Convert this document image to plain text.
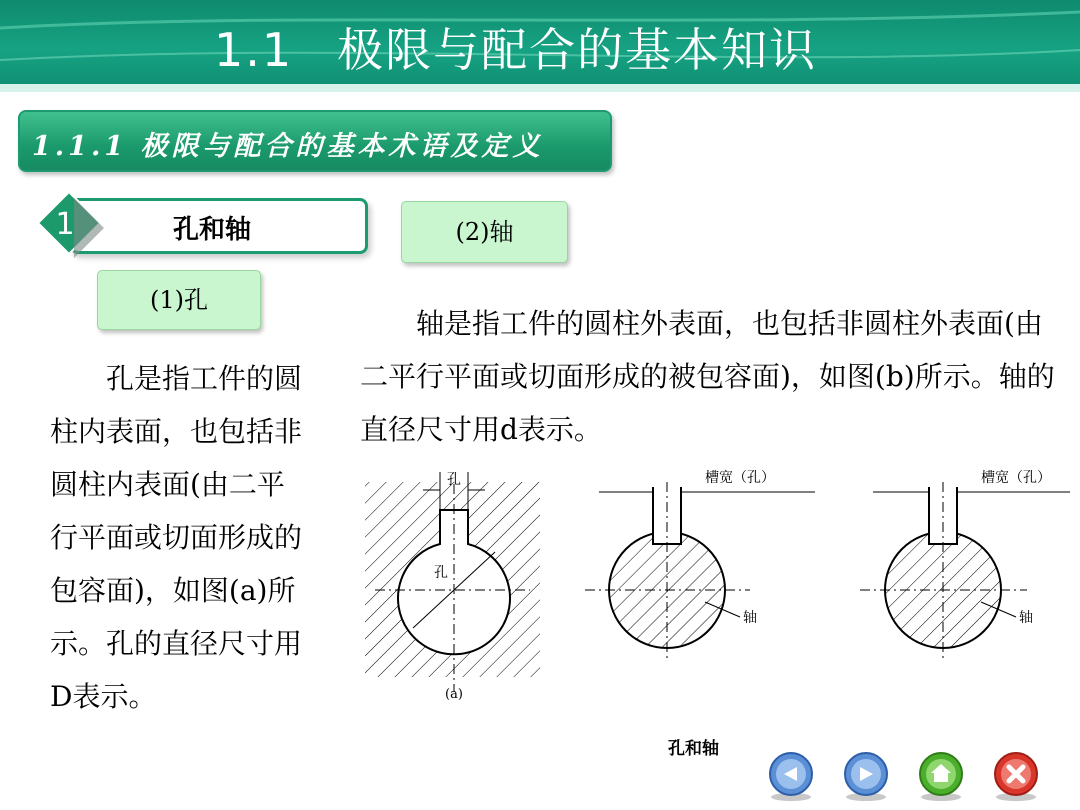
1.1 极限与配合的基本知识
1.1.1 极限与配合的基本术语及定义
孔和轴
1
(1)孔
(2)轴
孔是指工件的圆柱内表面，也包括非圆柱内表面(由二平行平面或切面形成的包容面)，如图(a)所示。孔的直径尺寸用D表示。
轴是指工件的圆柱外表面，也包括非圆柱外表面(由二平行平面或切面形成的被包容面)，如图(b)所示。轴的直径尺寸用d表示。
孔
孔
(a)
槽宽（孔）
轴
槽宽（孔）
轴
孔和轴
